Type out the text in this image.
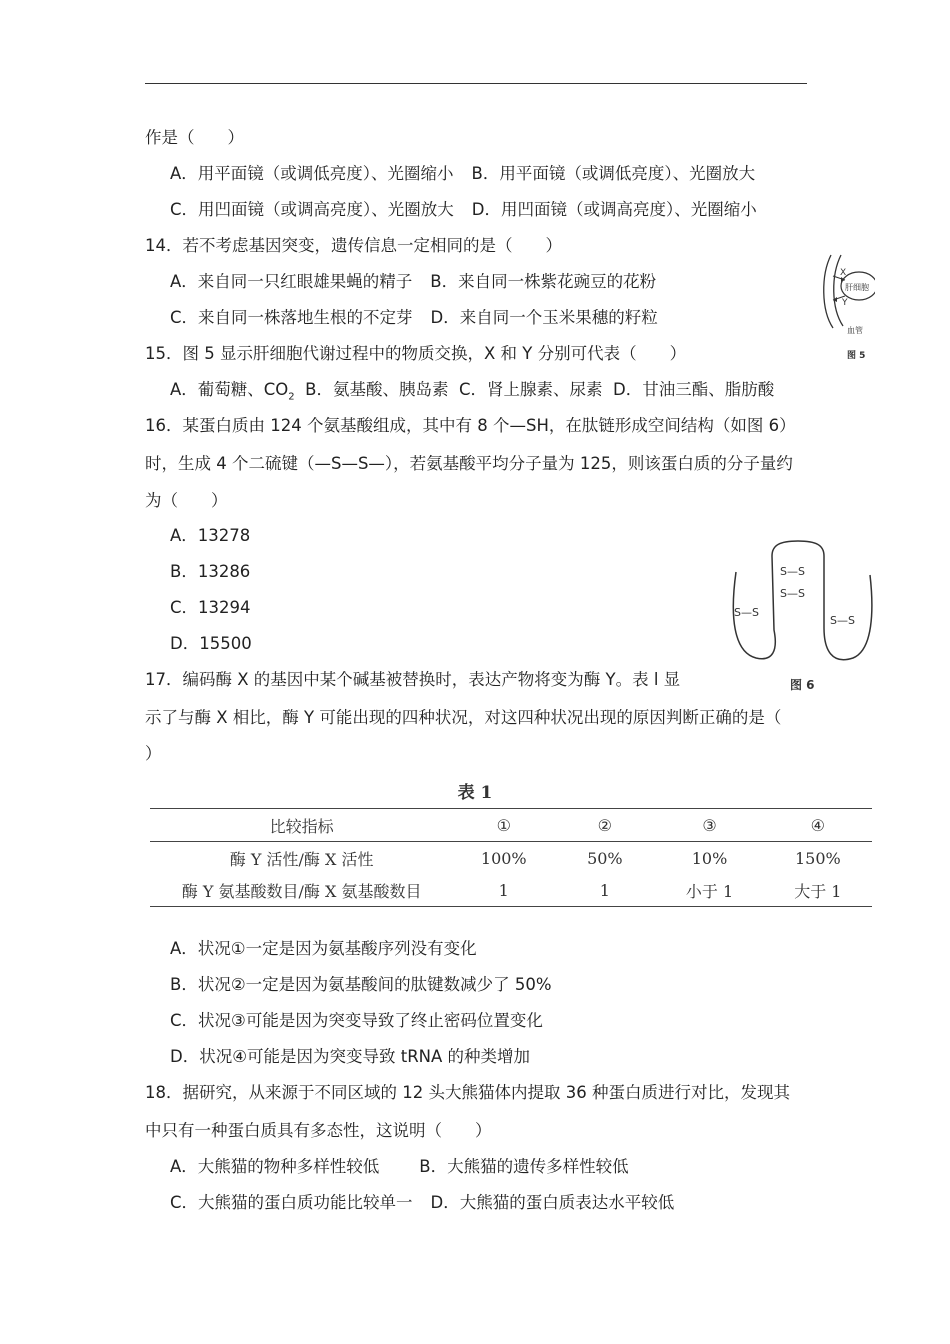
作是（　　）
A．用平面镜（或调低亮度）、光圈缩小 B．用平面镜（或调低亮度）、光圈放大
C．用凹面镜（或调高亮度）、光圈放大 D．用凹面镜（或调高亮度）、光圈缩小
14．若不考虑基因突变，遗传信息一定相同的是（　　）
A．来自同一只红眼雄果蝇的精子 B．来自同一株紫花豌豆的花粉
C．来自同一株落地生根的不定芽 D．来自同一个玉米果穗的籽粒
15．图 5 显示肝细胞代谢过程中的物质交换，X 和 Y 分别可代表（　　）
A．葡萄糖、$CO_2$ B．氨基酸、胰岛素 C．肾上腺素、尿素 D．甘油三酯、脂肪酸
X
Y
肝细胞
血管
图 5
16．某蛋白质由 124 个氨基酸组成，其中有 8 个—SH，在肽链形成空间结构（如图 6）
时，生成 4 个二硫键（—S—S—），若氨基酸平均分子量为 125，则该蛋白质的分子量约
为（　　）
A．13278
B．13286
C．13294
D．15500
S—S
S—S
S—S
S—S
图 6
17．编码酶 X 的基因中某个碱基被替换时，表达产物将变为酶 Y。表 l 显
示了与酶 X 相比，酶 Y 可能出现的四种状况，对这四种状况出现的原因判断正确的是（
）
表 1
比较指标	①	②	③	④
酶 Y 活性/酶 X 活性	100%	50%	10%	150%
酶 Y 氨基酸数目/酶 X 氨基酸数目	1	1	小于 1	大于 1
A．状况①一定是因为氨基酸序列没有变化
B．状况②一定是因为氨基酸间的肽键数减少了 50%
C．状况③可能是因为突变导致了终止密码位置变化
D．状况④可能是因为突变导致 tRNA 的种类增加
18．据研究，从来源于不同区域的 12 头大熊猫体内提取 36 种蛋白质进行对比，发现其
中只有一种蛋白质具有多态性，这说明（　　）
A．大熊猫的物种多样性较低 B．大熊猫的遗传多样性较低
C．大熊猫的蛋白质功能比较单一 D．大熊猫的蛋白质表达水平较低
